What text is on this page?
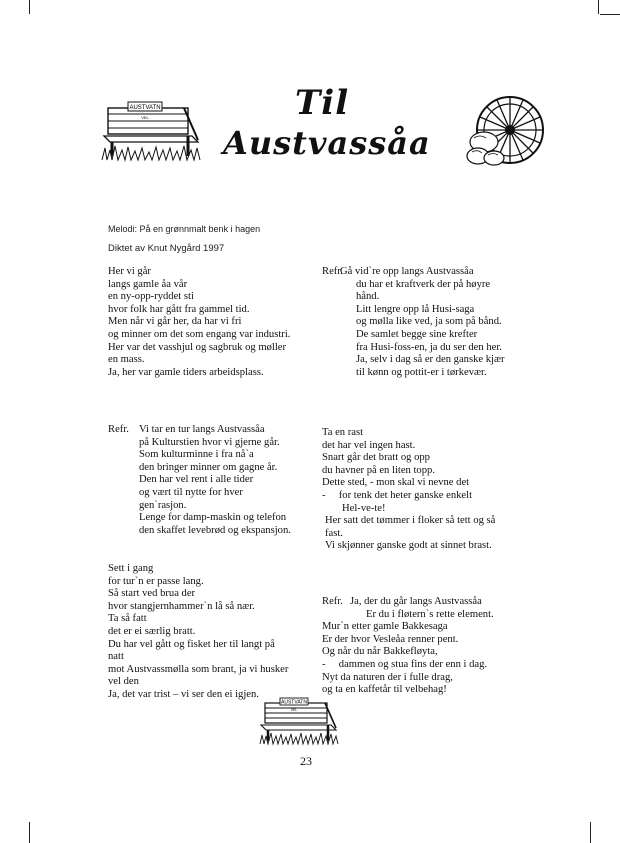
AUSTVATN
VEL	Til
Austvassåa
Melodi: På en grønnmalt benk i hagen
Diktet av Knut Nygård 1997
Her vi går
langs gamle åa vår
en ny-opp-ryddet sti
hvor folk har gått fra gammel tid.
Men når vi går her, da har vi fri
og minner om det som engang var industri.
Her var det vasshjul og sagbruk og møller
en mass.
Ja, her var gamle tiders arbeidsplass.
Refr.
Gå vid`re opp langs Austvassåa
du har et kraftverk der på høyre
hånd.
Litt lengre opp lå Husi-saga
og mølla like ved, ja som på bånd.
De samlet begge sine krefter
fra Husi-foss-en, ja du ser den her.
Ja, selv i dag så er den ganske kjær
til kønn og pottit-er i tørkevær.
Refr. Vi tar en tur langs Austvassåa
på Kulturstien hvor vi gjerne går.
Som kulturminne i fra nå`a
den bringer minner om gagne år.
Den har vel rent i alle tider
og vært til nytte for hver
gen`rasjon.
Lenge for damp-maskin og telefon
den skaffet levebrød og ekspansjon.
Ta en rast
det har vel ingen hast.
Snart går det bratt og opp
du havner på en liten topp.
Dette sted, - mon skal vi nevne det
-     for tenk det heter ganske enkelt
Hel-ve-te!
Her satt det tømmer i floker så tett og så
fast.
Vi skjønner ganske godt at sinnet brast.
Sett i gang
for tur`n er passe lang.
Så start ved brua der
hvor stangjernhammer`n lå så nær.
Ta så fatt
det er ei særlig bratt.
Du har vel gått og fisket her til langt på
natt
mot Austvassmølla som brant, ja vi husker
vel den
Ja, det var trist – vi ser den ei igjen.
Refr. Ja, der du går langs Austvassåa
Er du i fløtern`s rette element.
Mur`n etter gamle Bakkesaga
Er der hvor Vesleåa renner pent.
Og når du når Bakkefløyta,
-     dammen og stua fins der enn i dag.
Nyt da naturen der i fulle drag,
og ta en kaffetår til velbehag!
AUSTVATN
VEL
23
